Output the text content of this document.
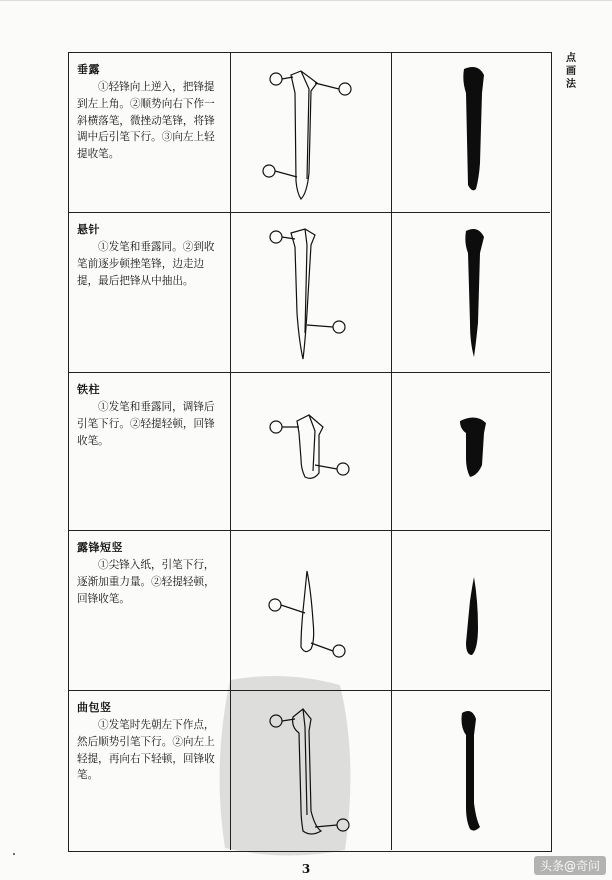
点画法
垂露
①轻锋向上逆入，把锋提到左上角。②顺势向右下作一斜横落笔，微挫动笔锋，将锋调中后引笔下行。③向左上轻提收笔。
悬针
①发笔和垂露同。②到收笔前逐步顿挫笔锋，边走边提，最后把锋从中抽出。
铁柱
①发笔和垂露同，调锋后引笔下行。②轻提轻顿，回锋收笔。
露锋短竖
①尖锋入纸，引笔下行，逐渐加重力量。②轻提轻顿，回锋收笔。
曲包竖
①发笔时先朝左下作点，然后顺势引笔下行。②向左上轻提，再向右下轻顿，回锋收笔。
3	头条@奇问
